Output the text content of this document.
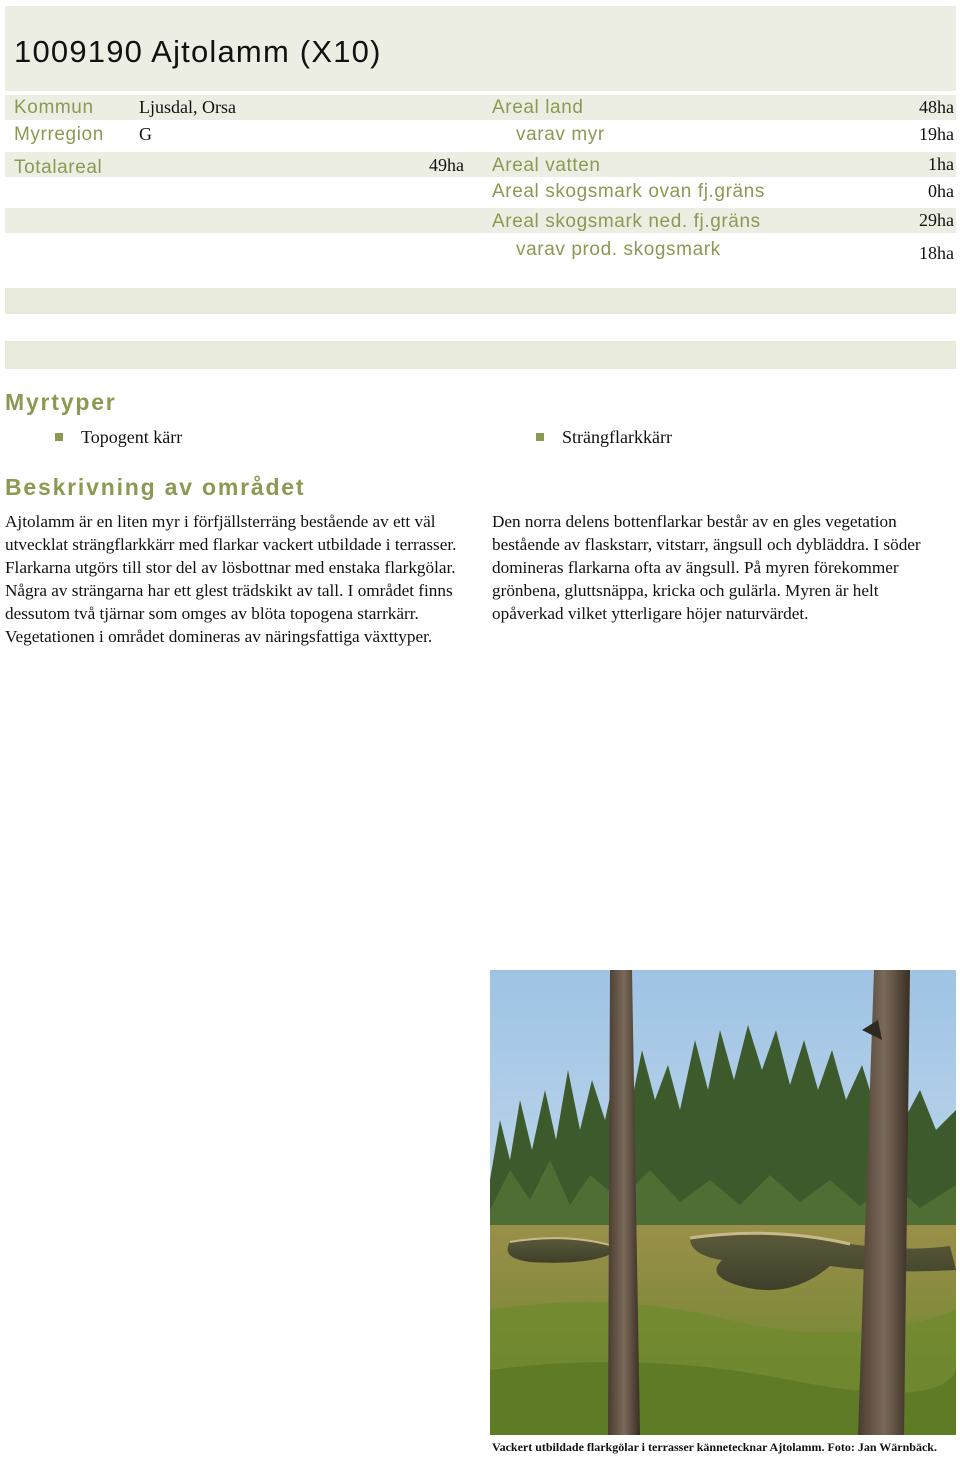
1009190 Ajtolamm (X10)
Kommun	Ljusdal, Orsa
Myrregion G
Totalareal	49ha
Areal land	48ha
varav myr	19ha
Areal vatten	1ha
Areal skogsmark ovan fj.gräns	0ha
Areal skogsmark ned. fj.gräns	29ha
varav prod. skogsmark	18ha
Myrtyper
Topogent kärr	Strängflarkkärr
Beskrivning av området
Ajtolamm är en liten myr i förfjällsterräng bestående av ett väl utvecklat strängflarkkärr med flarkar vackert utbildade i terrasser. Flarkarna utgörs till stor del av lösbottnar med enstaka flarkgölar. Några av strängarna har ett glest trädskikt av tall. I området finns dessutom två tjärnar som omges av blöta topogena starrkärr. Vegetationen i området domineras av näringsfattiga växttyper.
Den norra delens bottenflarkar består av en gles vegetation bestående av flaskstarr, vitstarr, ängsull och dybläddra. I söder domineras flarkarna ofta av ängsull. På myren förekommer grönbena, gluttsnäppa, kricka och gulärla. Myren är helt opåverkad vilket ytterligare höjer naturvärdet.
Vackert utbildade flarkgölar i terrasser kännetecknar Ajtolamm. Foto: Jan Wärnbäck.
